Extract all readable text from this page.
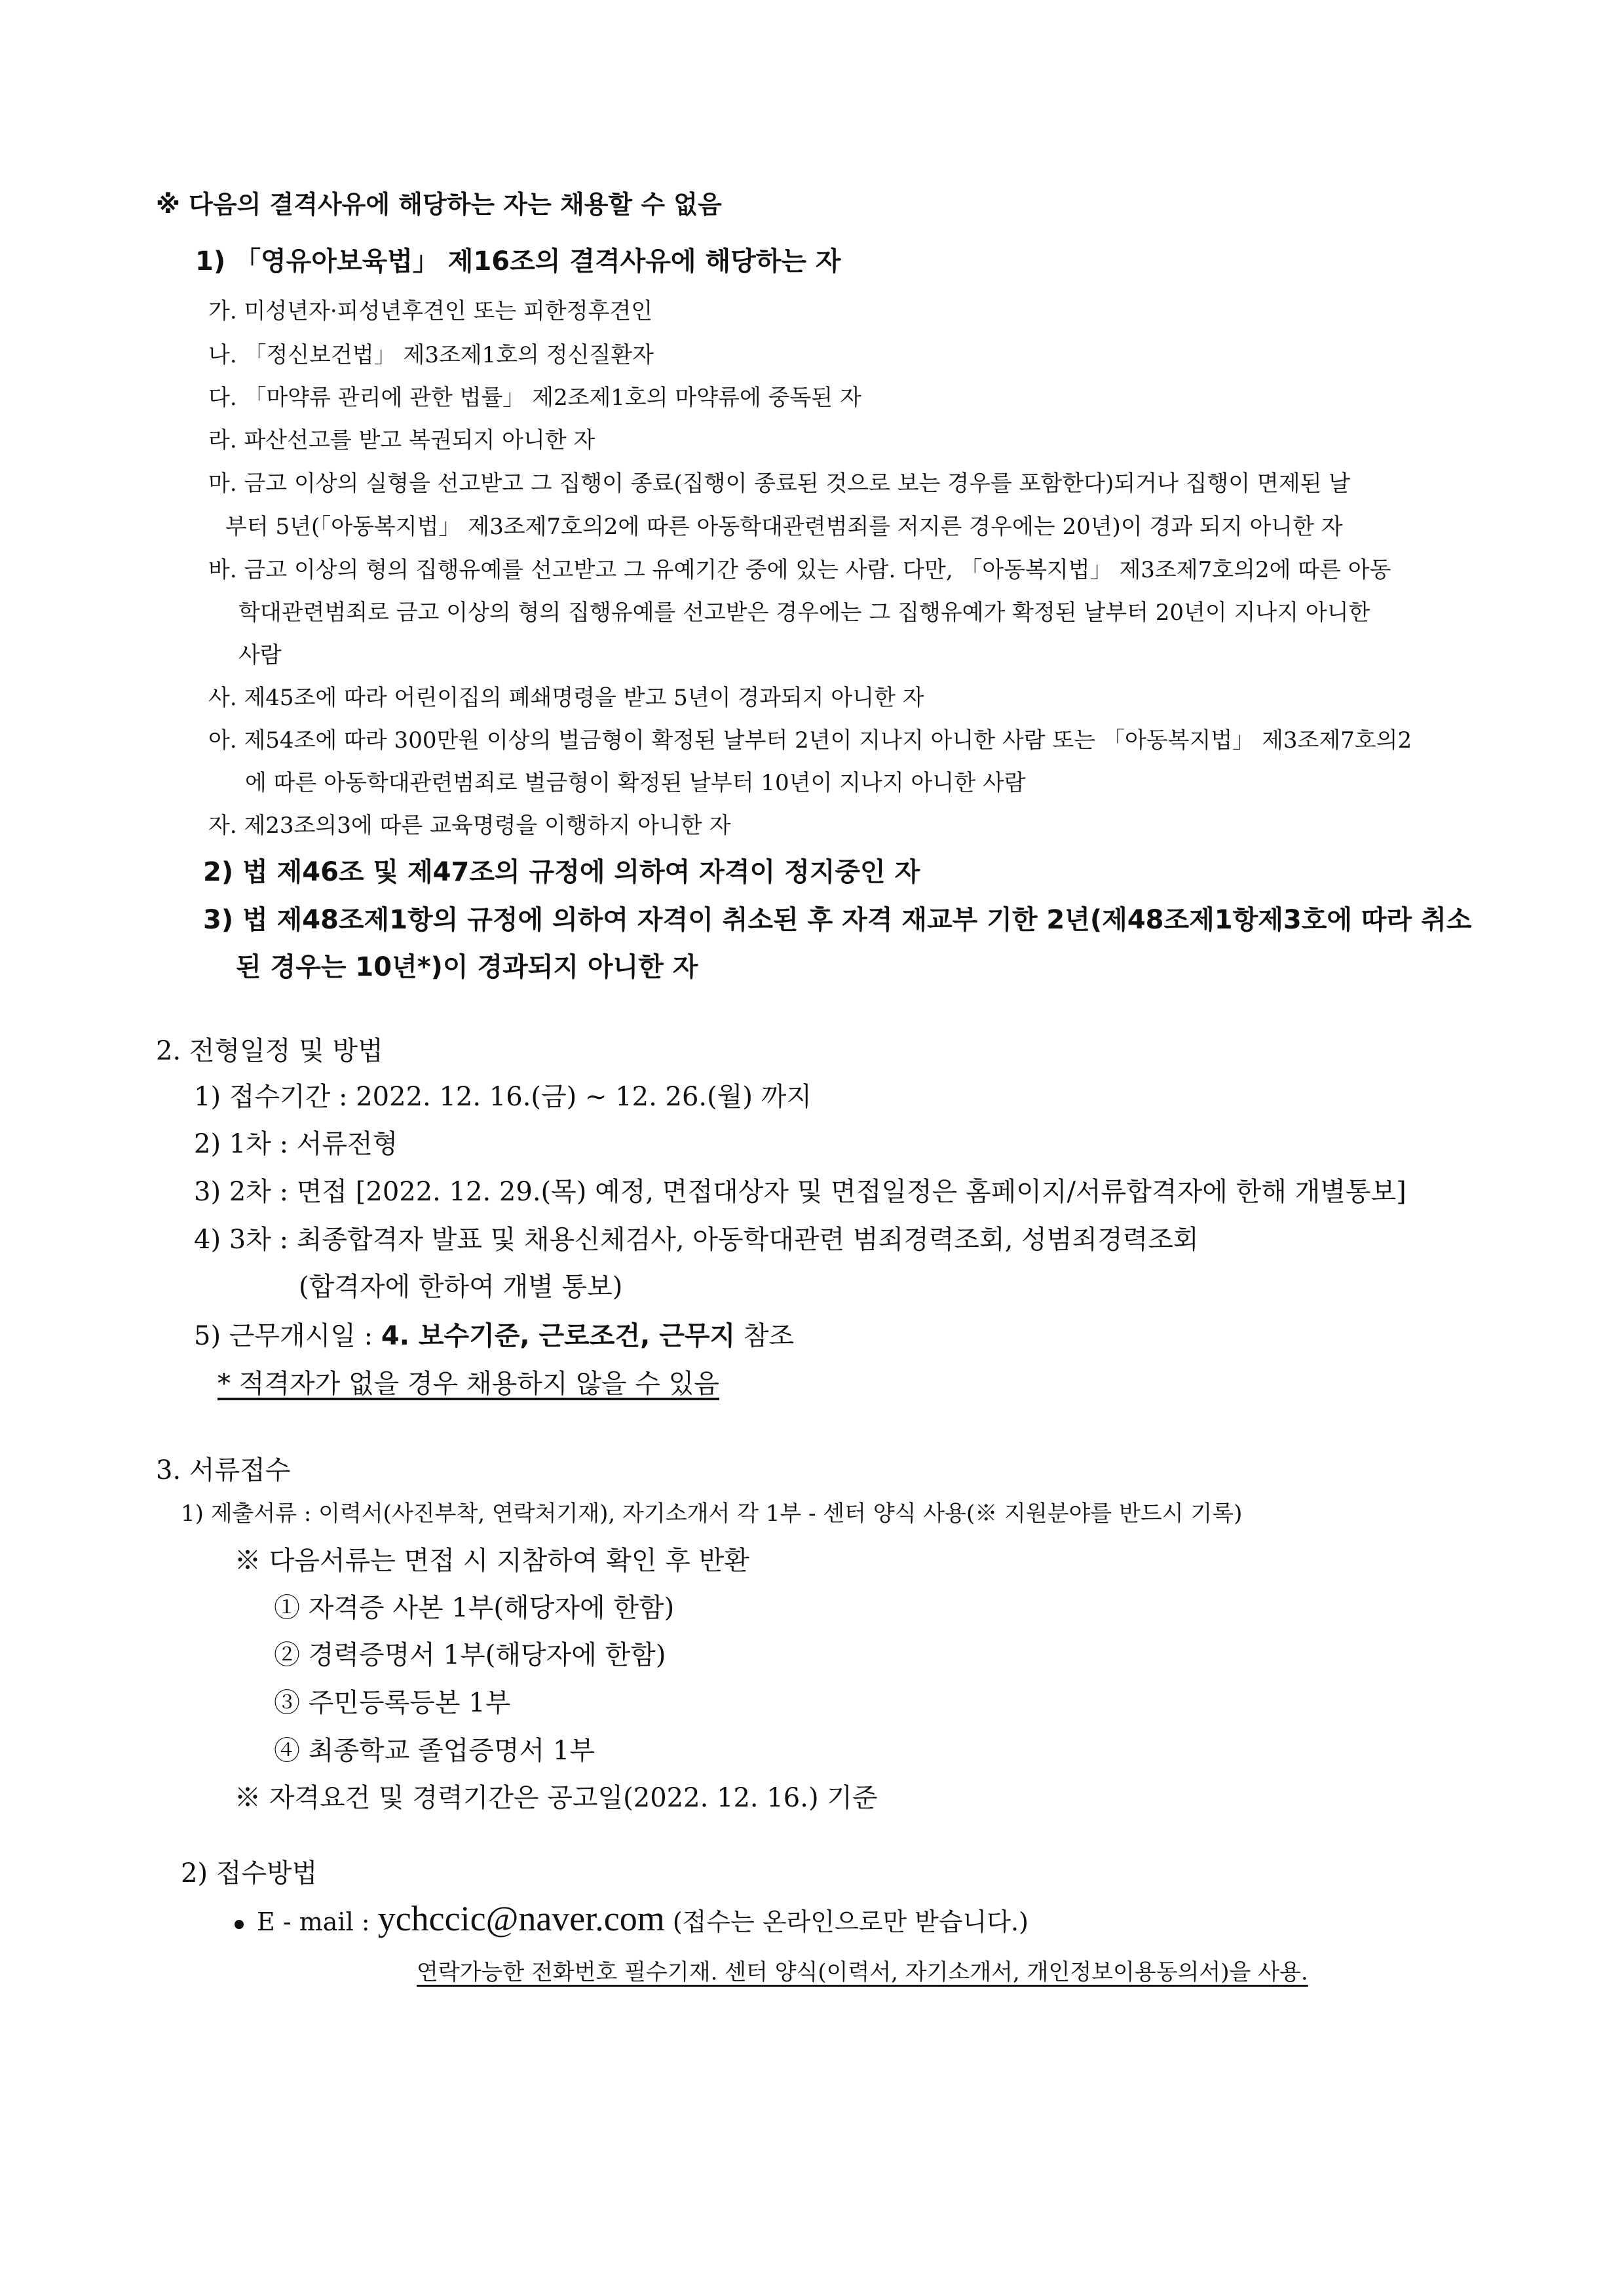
※ 다음의 결격사유에 해당하는 자는 채용할 수 없음
1) 「영유아보육법」 제16조의 결격사유에 해당하는 자
가. 미성년자·피성년후견인 또는 피한정후견인
나. 「정신보건법」 제3조제1호의 정신질환자
다. 「마약류 관리에 관한 법률」 제2조제1호의 마약류에 중독된 자
라. 파산선고를 받고 복권되지 아니한 자
마. 금고 이상의 실형을 선고받고 그 집행이 종료(집행이 종료된 것으로 보는 경우를 포함한다)되거나 집행이 면제된 날
부터 5년(「아동복지법」 제3조제7호의2에 따른 아동학대관련범죄를 저지른 경우에는 20년)이 경과 되지 아니한 자
바. 금고 이상의 형의 집행유예를 선고받고 그 유예기간 중에 있는 사람. 다만, 「아동복지법」 제3조제7호의2에 따른 아동
학대관련범죄로 금고 이상의 형의 집행유예를 선고받은 경우에는 그 집행유예가 확정된 날부터 20년이 지나지 아니한
사람
사. 제45조에 따라 어린이집의 폐쇄명령을 받고 5년이 경과되지 아니한 자
아. 제54조에 따라 300만원 이상의 벌금형이 확정된 날부터 2년이 지나지 아니한 사람 또는 「아동복지법」 제3조제7호의2
에 따른 아동학대관련범죄로 벌금형이 확정된 날부터 10년이 지나지 아니한 사람
자. 제23조의3에 따른 교육명령을 이행하지 아니한 자
2) 법 제46조 및 제47조의 규정에 의하여 자격이 정지중인 자
3) 법 제48조제1항의 규정에 의하여 자격이 취소된 후 자격 재교부 기한 2년(제48조제1항제3호에 따라 취소
된 경우는 10년*)이 경과되지 아니한 자
2. 전형일정 및 방법
1) 접수기간 : 2022. 12. 16.(금) ~ 12. 26.(월) 까지
2) 1차 : 서류전형
3) 2차 : 면접 [2022. 12. 29.(목) 예정, 면접대상자 및 면접일정은 홈페이지/서류합격자에 한해 개별통보]
4) 3차 : 최종합격자 발표 및 채용신체검사, 아동학대관련 범죄경력조회, 성범죄경력조회
(합격자에 한하여 개별 통보)
5) 근무개시일 : 4. 보수기준, 근로조건, 근무지 참조
* 적격자가 없을 경우 채용하지 않을 수 있음
3. 서류접수
1) 제출서류 : 이력서(사진부착, 연락처기재), 자기소개서 각 1부 - 센터 양식 사용(※ 지원분야를 반드시 기록)
※ 다음서류는 면접 시 지참하여 확인 후 반환
① 자격증 사본 1부(해당자에 한함)
② 경력증명서 1부(해당자에 한함)
③ 주민등록등본 1부
④ 최종학교 졸업증명서 1부
※ 자격요건 및 경력기간은 공고일(2022. 12. 16.) 기준
2) 접수방법
E - mail : ychccic@naver.com (접수는 온라인으로만 받습니다.)
연락가능한 전화번호 필수기재. 센터 양식(이력서, 자기소개서, 개인정보이용동의서)을 사용.
